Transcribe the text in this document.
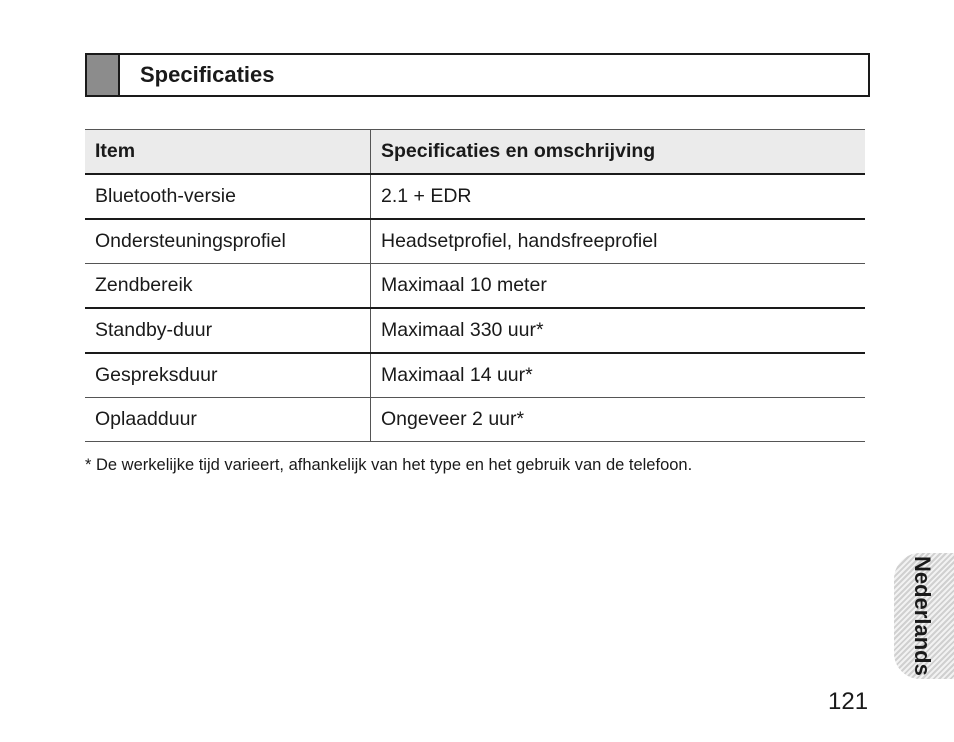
Specificaties
Item	Specificaties en omschrijving
Bluetooth-versie	2.1 + EDR
Ondersteuningsprofiel	Headsetprofiel, handsfreeprofiel
Zendbereik	Maximaal 10 meter
Standby-duur	Maximaal 330 uur*
Gespreksduur	Maximaal 14 uur*
Oplaadduur	Ongeveer 2 uur*
* De werkelijke tijd varieert, afhankelijk van het type en het gebruik van de telefoon.
Nederlands
121
